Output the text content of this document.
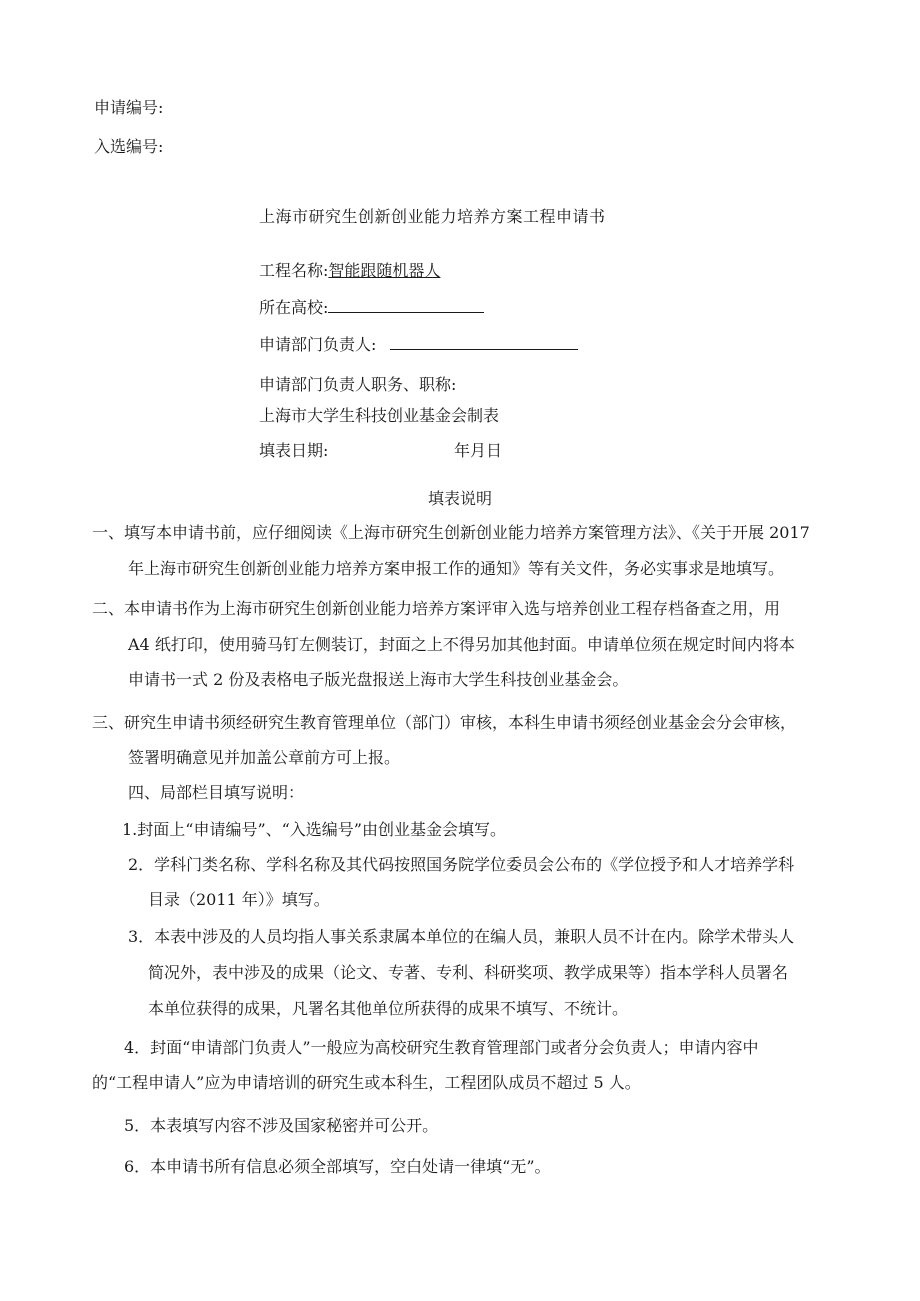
申请编号:
入选编号:
上海市研究生创新创业能力培养方案工程申请书
工程名称:智能跟随机器人
所在高校:
申请部门负责人:
申请部门负责人职务、职称:
上海市大学生科技创业基金会制表
填表日期:	年月日
填表说明
一、填写本申请书前，应仔细阅读《上海市研究生创新创业能力培养方案管理方法》、《关于开展 2017
年上海市研究生创新创业能力培养方案申报工作的通知》等有关文件，务必实事求是地填写。
二、本申请书作为上海市研究生创新创业能力培养方案评审入选与培养创业工程存档备查之用，用
A4 纸打印，使用骑马钉左侧装订，封面之上不得另加其他封面。申请单位须在规定时间内将本
申请书一式 2 份及表格电子版光盘报送上海市大学生科技创业基金会。
三、研究生申请书须经研究生教育管理单位（部门）审核，本科生申请书须经创业基金会分会审核，
签署明确意见并加盖公章前方可上报。
四、局部栏目填写说明：
1.封面上“申请编号”、“入选编号”由创业基金会填写。
2．学科门类名称、学科名称及其代码按照国务院学位委员会公布的《学位授予和人才培养学科
目录（2011 年）》填写。
3．本表中涉及的人员均指人事关系隶属本单位的在编人员，兼职人员不计在内。除学术带头人
简况外，表中涉及的成果（论文、专著、专利、科研奖项、教学成果等）指本学科人员署名
本单位获得的成果，凡署名其他单位所获得的成果不填写、不统计。
4．封面“申请部门负责人”一般应为高校研究生教育管理部门或者分会负责人；申请内容中
的“工程申请人”应为申请培训的研究生或本科生，工程团队成员不超过 5 人。
5．本表填写内容不涉及国家秘密并可公开。
6．本申请书所有信息必须全部填写，空白处请一律填“无”。
